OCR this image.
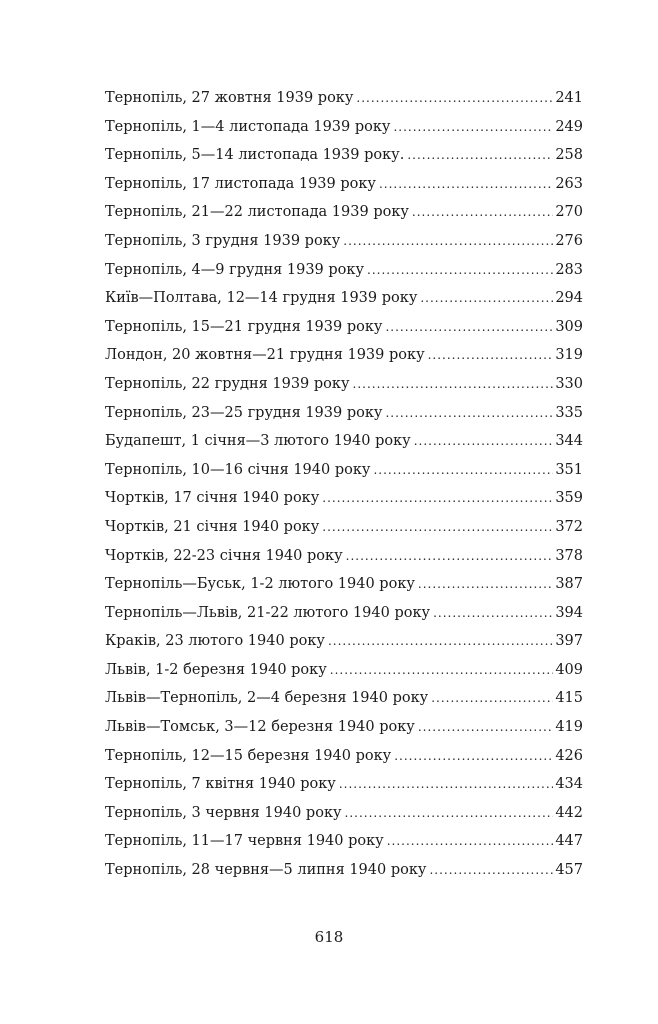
Тернопіль, 27 жовтня 1939 року .....	241
Тернопіль, 1—4 листопада 1939 року .....	249
Тернопіль, 5—14 листопада 1939 року. .....	258
Тернопіль, 17 листопада 1939 року .....	263
Тернопіль, 21—22 листопада 1939 року .....	270
Тернопіль, 3 грудня 1939 року .....	276
Тернопіль, 4—9 грудня 1939 року .....	283
Київ—Полтава, 12—14 грудня 1939 року .....	294
Тернопіль, 15—21 грудня 1939 року .....	309
Лондон, 20 жовтня—21 грудня 1939 року .....	319
Тернопіль, 22 грудня 1939 року .....	330
Тернопіль, 23—25 грудня 1939 року .....	335
Будапешт, 1 січня—3 лютого 1940 року .....	344
Тернопіль, 10—16 січня 1940 року .....	351
Чортків, 17 січня 1940 року .....	359
Чортків, 21 січня 1940 року .....	372
Чортків, 22-23 січня 1940 року .....	378
Тернопіль—Буськ, 1-2 лютого 1940 року .....	387
Тернопіль—Львів, 21-22 лютого 1940 року .....	394
Краків, 23 лютого 1940 року .....	397
Львів, 1-2 березня 1940 року .....	409
Львів—Тернопіль, 2—4 березня 1940 року .....	415
Львів—Томськ, 3—12 березня 1940 року .....	419
Тернопіль, 12—15 березня 1940 року .....	426
Тернопіль, 7 квітня 1940 року .....	434
Тернопіль, 3 червня 1940 року .....	442
Тернопіль, 11—17 червня 1940 року .....	447
Тернопіль, 28 червня—5 липня 1940 року .....	457
618
